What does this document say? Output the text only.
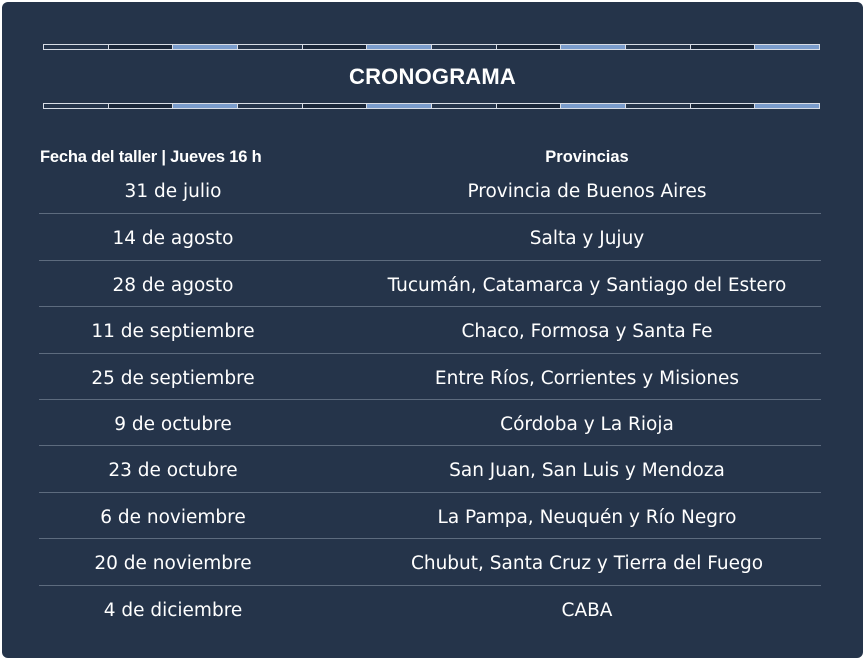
CRONOGRAMA
Fecha del taller | Jueves 16 h	Provincias
31 de julio	Provincia de Buenos Aires
14 de agosto	Salta y Jujuy
28 de agosto	Tucumán, Catamarca y Santiago del Estero
11 de septiembre	Chaco, Formosa y Santa Fe
25 de septiembre	Entre Ríos, Corrientes y Misiones
9 de octubre	Córdoba y La Rioja
23 de octubre	San Juan, San Luis y Mendoza
6 de noviembre	La Pampa, Neuquén y Río Negro
20 de noviembre	Chubut, Santa Cruz y Tierra del Fuego
4 de diciembre	CABA
